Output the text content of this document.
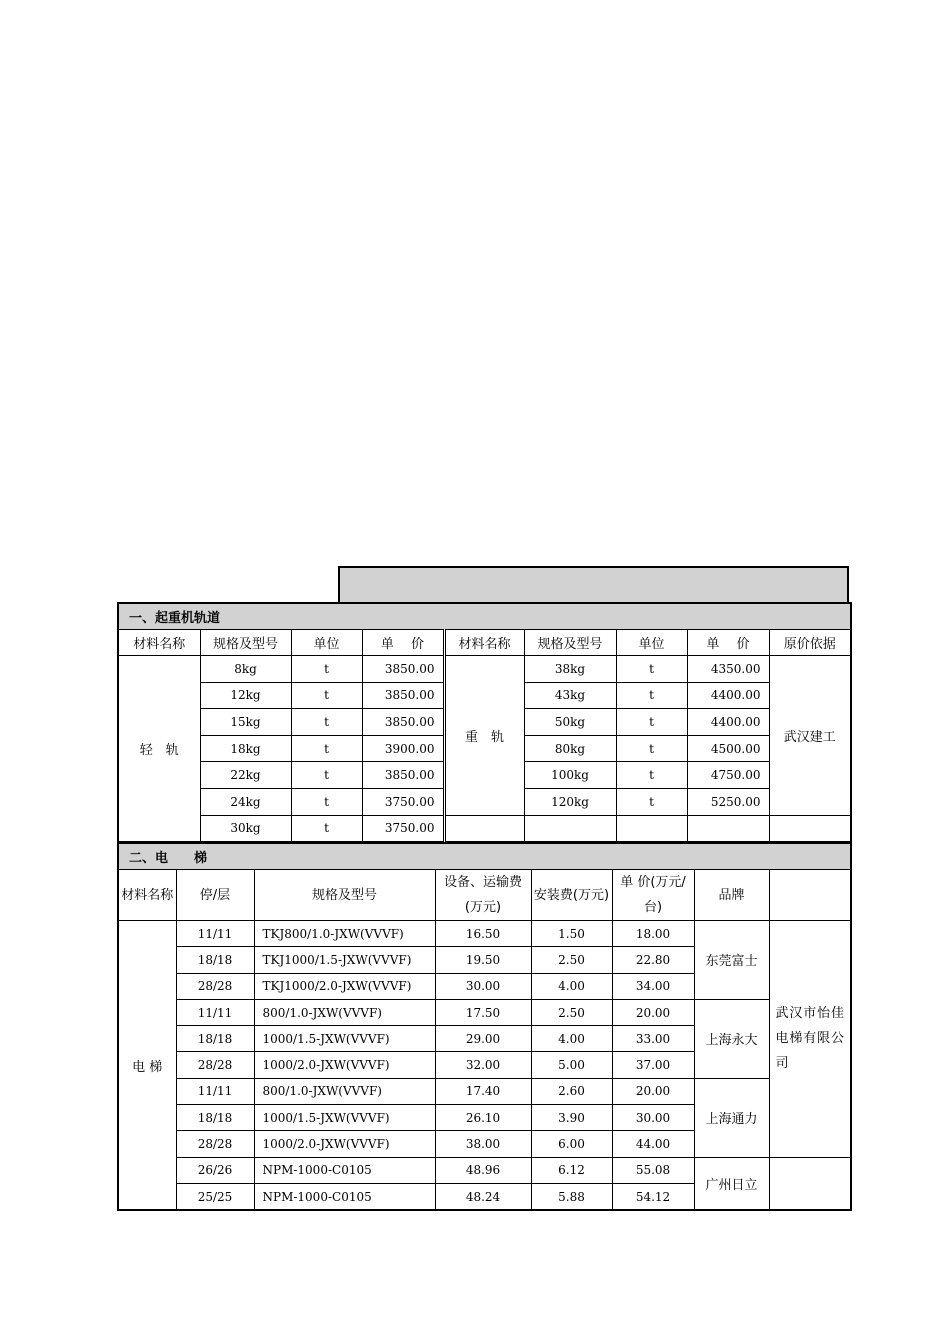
一、起重机轨道								
材料名称	规格及型号	单位	单　 价	材料名称	规格及型号	单位	单　 价	原价依据
轻　轨	8kg	t	3850.00	重　轨	38kg	t	4350.00	武汉建工
	12kg	t	3850.00		43kg	t	4400.00	
	15kg	t	3850.00		50kg	t	4400.00	
	18kg	t	3900.00		80kg	t	4500.00	
	22kg	t	3850.00		100kg	t	4750.00	
	24kg	t	3750.00		120kg	t	5250.00	
	30kg	t	3750.00					
二、电　　梯							
材料名称	停/层	规格及型号	设备、运输费(万元)	安装费(万元)	单 价(万元/台)	品牌	
电 梯	11/11	TKJ800/1.0-JXW(VVVF)	16.50	1.50	18.00	东莞富士	武汉市怡佳电梯有限公司
	18/18	TKJ1000/1.5-JXW(VVVF)	19.50	2.50	22.80		
	28/28	TKJ1000/2.0-JXW(VVVF)	30.00	4.00	34.00		
	11/11	800/1.0-JXW(VVVF)	17.50	2.50	20.00	上海永大	
	18/18	1000/1.5-JXW(VVVF)	29.00	4.00	33.00		
	28/28	1000/2.0-JXW(VVVF)	32.00	5.00	37.00		
	11/11	800/1.0-JXW(VVVF)	17.40	2.60	20.00	上海通力	
	18/18	1000/1.5-JXW(VVVF)	26.10	3.90	30.00		
	28/28	1000/2.0-JXW(VVVF)	38.00	6.00	44.00		
	26/26	NPM-1000-C0105	48.96	6.12	55.08	广州日立	
	25/25	NPM-1000-C0105	48.24	5.88	54.12		
